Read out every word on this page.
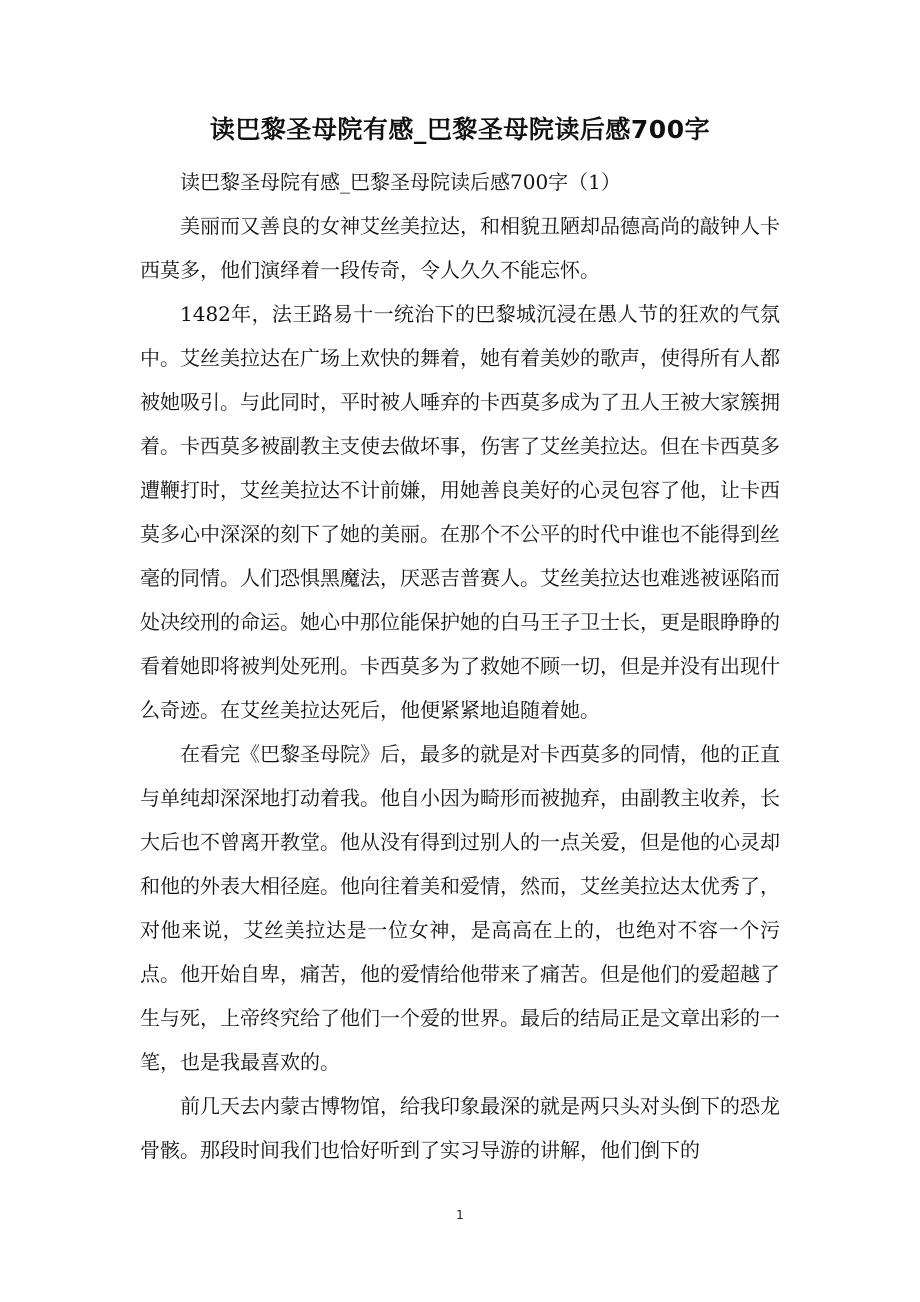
读巴黎圣母院有感_巴黎圣母院读后感700字

读巴黎圣母院有感_巴黎圣母院读后感700字（1）

美丽而又善良的女神艾丝美拉达，和相貌丑陋却品德高尚的敲钟人卡西莫多，他们演绎着一段传奇，令人久久不能忘怀。

1482年，法王路易十一统治下的巴黎城沉浸在愚人节的狂欢的气氛中。艾丝美拉达在广场上欢快的舞着，她有着美妙的歌声，使得所有人都被她吸引。与此同时，平时被人唾弃的卡西莫多成为了丑人王被大家簇拥着。卡西莫多被副教主支使去做坏事，伤害了艾丝美拉达。但在卡西莫多遭鞭打时，艾丝美拉达不计前嫌，用她善良美好的心灵包容了他，让卡西莫多心中深深的刻下了她的美丽。在那个不公平的时代中谁也不能得到丝毫的同情。人们恐惧黑魔法，厌恶吉普赛人。艾丝美拉达也难逃被诬陷而处决绞刑的命运。她心中那位能保护她的白马王子卫士长，更是眼睁睁的看着她即将被判处死刑。卡西莫多为了救她不顾一切，但是并没有出现什么奇迹。在艾丝美拉达死后，他便紧紧地追随着她。

在看完《巴黎圣母院》后，最多的就是对卡西莫多的同情，他的正直与单纯却深深地打动着我。他自小因为畸形而被抛弃，由副教主收养，长大后也不曾离开教堂。他从没有得到过别人的一点关爱，但是他的心灵却和他的外表大相径庭。他向往着美和爱情，然而，艾丝美拉达太优秀了，对他来说，艾丝美拉达是一位女神，是高高在上的，也绝对不容一个污点。他开始自卑，痛苦，他的爱情给他带来了痛苦。但是他们的爱超越了生与死，上帝终究给了他们一个爱的世界。最后的结局正是文章出彩的一笔，也是我最喜欢的。

前几天去内蒙古博物馆，给我印象最深的就是两只头对头倒下的恐龙骨骸。那段时间我们也恰好听到了实习导游的讲解，他们倒下的

1
